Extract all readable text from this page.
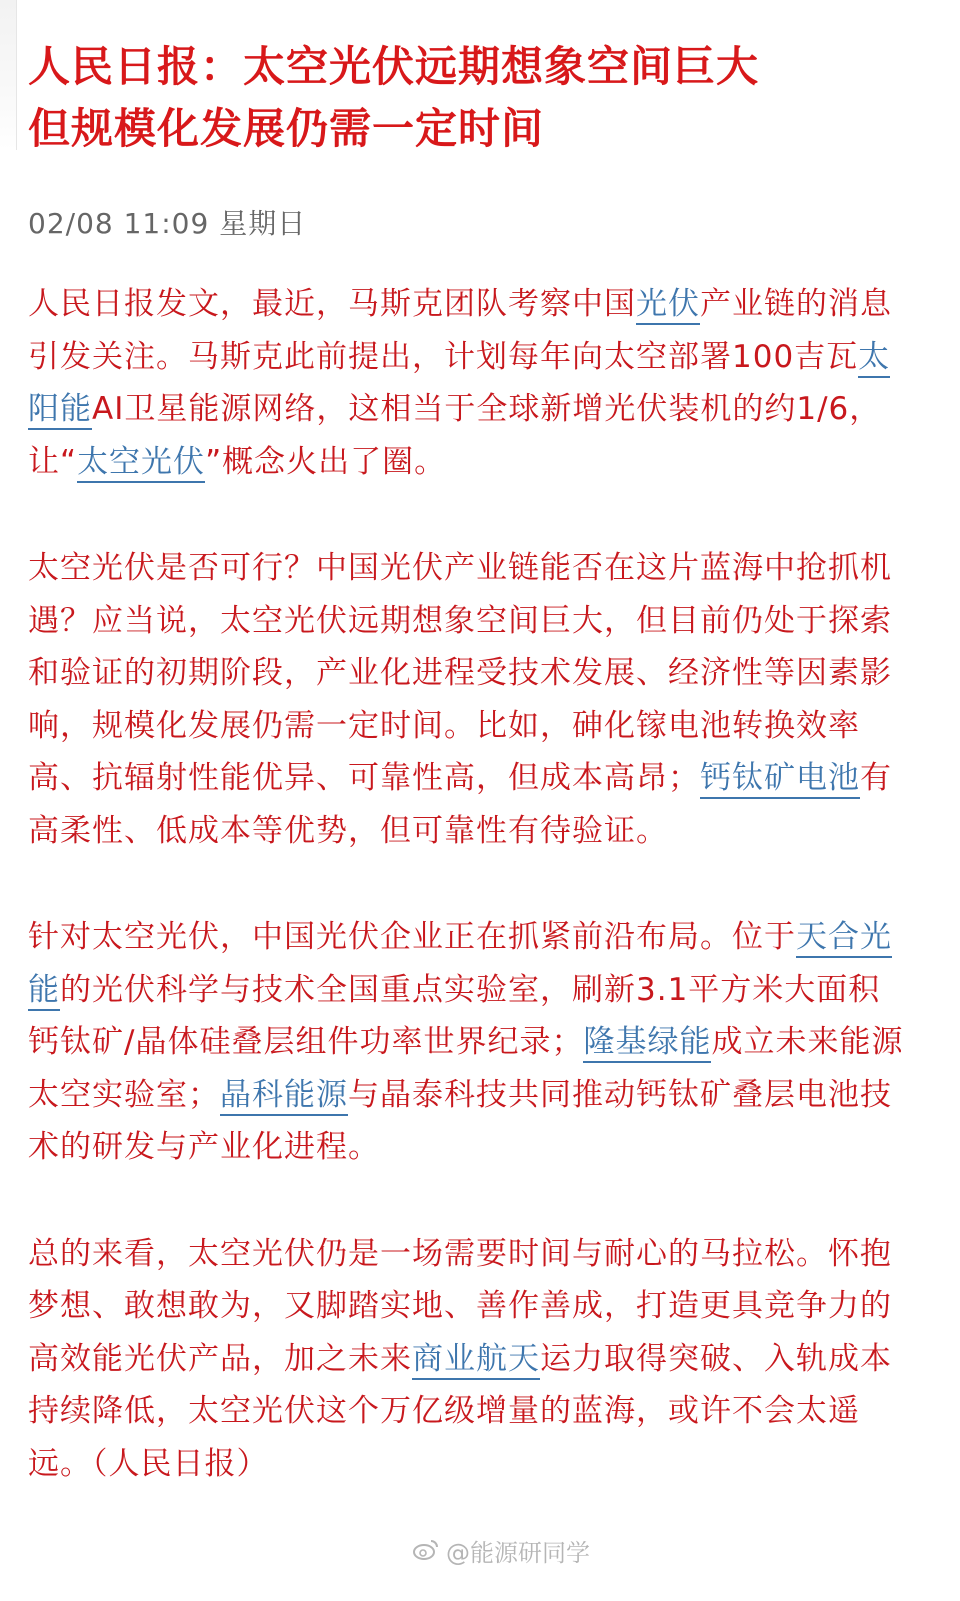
人民日报：太空光伏远期想象空间巨大
但规模化发展仍需一定时间
02/08 11:09 星期日

人民日报发文，最近，马斯克团队考察中国光伏产业链的消息引发关注。马斯克此前提出，计划每年向太空部署100吉瓦太阳能AI卫星能源网络，这相当于全球新增光伏装机的约1/6，让“太空光伏”概念火出了圈。

太空光伏是否可行？中国光伏产业链能否在这片蓝海中抢抓机遇？应当说，太空光伏远期想象空间巨大，但目前仍处于探索和验证的初期阶段，产业化进程受技术发展、经济性等因素影响，规模化发展仍需一定时间。比如，砷化镓电池转换效率高、抗辐射性能优异、可靠性高，但成本高昂；钙钛矿电池有高柔性、低成本等优势，但可靠性有待验证。

针对太空光伏，中国光伏企业正在抓紧前沿布局。位于天合光能的光伏科学与技术全国重点实验室，刷新3.1平方米大面积钙钛矿/晶体硅叠层组件功率世界纪录；隆基绿能成立未来能源太空实验室；晶科能源与晶泰科技共同推动钙钛矿叠层电池技术的研发与产业化进程。

总的来看，太空光伏仍是一场需要时间与耐心的马拉松。怀抱梦想、敢想敢为，又脚踏实地、善作善成，打造更具竞争力的高效能光伏产品，加之未来商业航天运力取得突破、入轨成本持续降低，太空光伏这个万亿级增量的蓝海，或许不会太遥远。（人民日报）

@能源研同学
